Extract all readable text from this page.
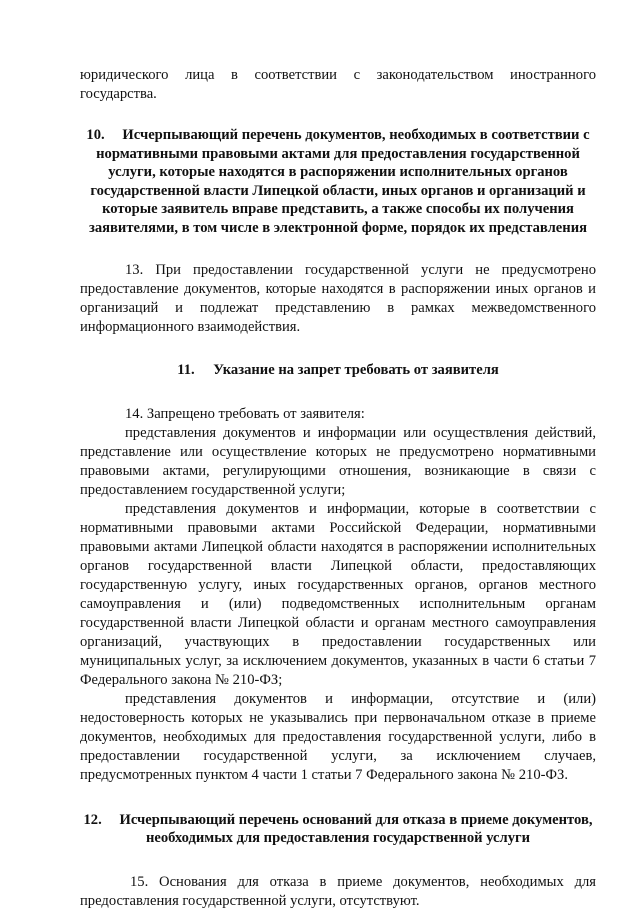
юридического лица в соответствии с законодательством иностранного государства.

10. Исчерпывающий перечень документов, необходимых в соответствии с нормативными правовыми актами для предоставления государственной услуги, которые находятся в распоряжении исполнительных органов государственной власти Липецкой области, иных органов и организаций и которые заявитель вправе представить, а также способы их получения заявителями, в том числе в электронной форме, порядок их представления

13. При предоставлении государственной услуги не предусмотрено предоставление документов, которые находятся в распоряжении иных органов и организаций и подлежат представлению в рамках межведомственного информационного взаимодействия.

11. Указание на запрет требовать от заявителя

14. Запрещено требовать от заявителя:

представления документов и информации или осуществления действий, представление или осуществление которых не предусмотрено нормативными правовыми актами, регулирующими отношения, возникающие в связи с предоставлением государственной услуги;

представления документов и информации, которые в соответствии с нормативными правовыми актами Российской Федерации, нормативными правовыми актами Липецкой области находятся в распоряжении исполнительных органов государственной власти Липецкой области, предоставляющих государственную услугу, иных государственных органов, органов местного самоуправления и (или) подведомственных исполнительным органам государственной власти Липецкой области и органам местного самоуправления организаций, участвующих в предоставлении государственных или муниципальных услуг, за исключением документов, указанных в части 6 статьи 7 Федерального закона № 210-ФЗ;

представления документов и информации, отсутствие и (или) недостоверность которых не указывались при первоначальном отказе в приеме документов, необходимых для предоставления государственной услуги, либо в предоставлении государственной услуги, за исключением случаев, предусмотренных пунктом 4 части 1 статьи 7 Федерального закона № 210-ФЗ.

12. Исчерпывающий перечень оснований для отказа в приеме документов, необходимых для предоставления государственной услуги

15. Основания для отказа в приеме документов, необходимых для предоставления государственной услуги, отсутствуют.
